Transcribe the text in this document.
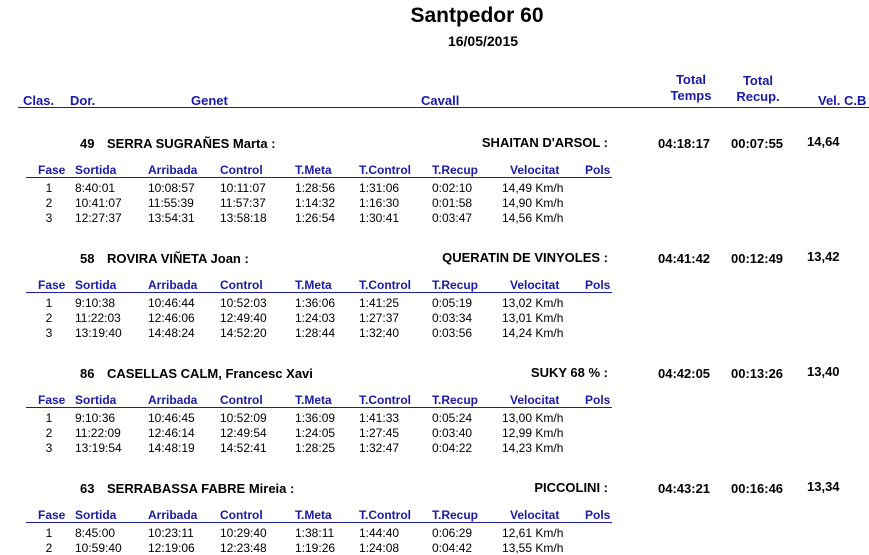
Santpedor 60
16/05/2015
Clas. Dor.	Genet	Cavall
Total
Temps
Total
Recup.	Vel. C.B
49 SERRA SUGRAÑES Marta :	SHAITAN D'ARSOL :	04:18:17 00:07:55 14,64
Fase Sortida	Arribada Control	T.Meta T.Control T.Recup	Velocitat Pols
1 8:40:01	10:08:57 10:11:07 1:28:56 1:31:06	0:02:10 14,49 Km/h
2 10:41:07 11:55:39 11:57:37 1:14:32 1:16:30	0:01:58 14,90 Km/h
3 12:27:37 13:54:31 13:58:18 1:26:54 1:30:41	0:03:47 14,56 Km/h
58 ROVIRA VIÑETA Joan :	QUERATIN DE VINYOLES :	04:41:42 00:12:49 13,42
Fase Sortida	Arribada Control	T.Meta T.Control T.Recup	Velocitat Pols
1 9:10:38	10:46:44 10:52:03 1:36:06 1:41:25	0:05:19 13,02 Km/h
2 11:22:03 12:46:06 12:49:40 1:24:03 1:27:37	0:03:34 13,01 Km/h
3 13:19:40 14:48:24 14:52:20 1:28:44 1:32:40	0:03:56 14,24 Km/h
86 CASELLAS CALM, Francesc Xavi	SUKY 68 % :	04:42:05 00:13:26 13,40
Fase Sortida	Arribada Control	T.Meta T.Control T.Recup	Velocitat Pols
1 9:10:36	10:46:45 10:52:09 1:36:09 1:41:33	0:05:24 13,00 Km/h
2 11:22:09 12:46:14 12:49:54 1:24:05 1:27:45	0:03:40 12,99 Km/h
3 13:19:54 14:48:19 14:52:41 1:28:25 1:32:47	0:04:22 14,23 Km/h
63 SERRABASSA FABRE Mireia :	PICCOLINI :	04:43:21 00:16:46 13,34
Fase Sortida	Arribada Control	T.Meta T.Control T.Recup	Velocitat Pols
1 8:45:00	10:23:11 10:29:40 1:38:11 1:44:40	0:06:29 12,61 Km/h
2 10:59:40 12:19:06 12:23:48 1:19:26 1:24:08	0:04:42 13,55 Km/h
